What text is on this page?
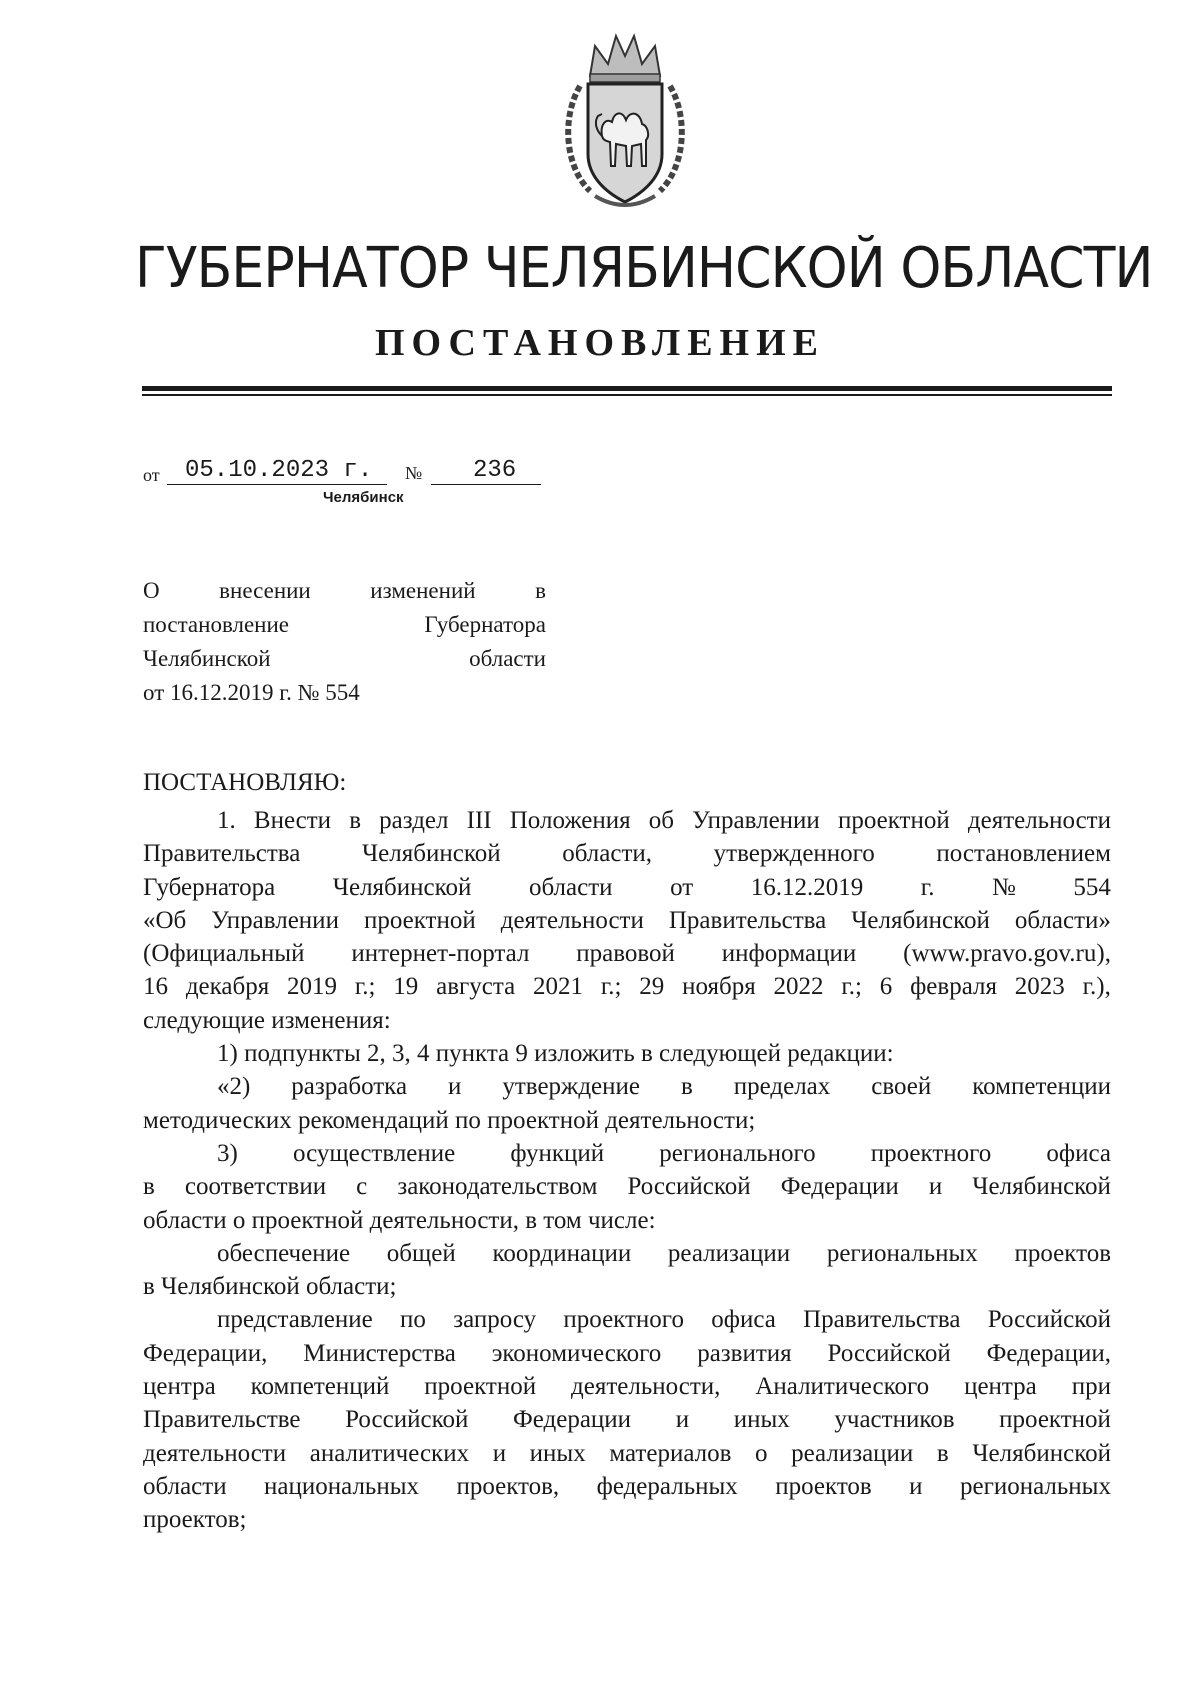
ГУБЕРНАТОР ЧЕЛЯБИНСКОЙ ОБЛАСТИ
ПОСТАНОВЛЕНИЕ
от 05.10.2023 г. № 236
Челябинск
О	внесении	изменений	в
постановление	Губернатора
Челябинской	области
от 16.12.2019 г. № 554
ПОСТАНОВЛЯЮ:
1. Внести в раздел III Положения об Управлении проектной деятельности
Правительства Челябинской области, утвержденного постановлением
Губернатора Челябинской области от 16.12.2019 г. № 554
«Об Управлении проектной деятельности Правительства Челябинской области»
(Официальный интернет-портал правовой информации (www.pravo.gov.ru),
16 декабря 2019 г.; 19 августа 2021 г.; 29 ноября 2022 г.; 6 февраля 2023 г.),
следующие изменения:
1) подпункты 2, 3, 4 пункта 9 изложить в следующей редакции:
«2) разработка и утверждение в пределах своей компетенции
методических рекомендаций по проектной деятельности;
3) осуществление функций регионального проектного офиса
в соответствии с законодательством Российской Федерации и Челябинской
области о проектной деятельности, в том числе:
обеспечение общей координации реализации региональных проектов
в Челябинской области;
представление по запросу проектного офиса Правительства Российской
Федерации, Министерства экономического развития Российской Федерации,
центра компетенций проектной деятельности, Аналитического центра при
Правительстве Российской Федерации и иных участников проектной
деятельности аналитических и иных материалов о реализации в Челябинской
области национальных проектов, федеральных проектов и региональных
проектов;
